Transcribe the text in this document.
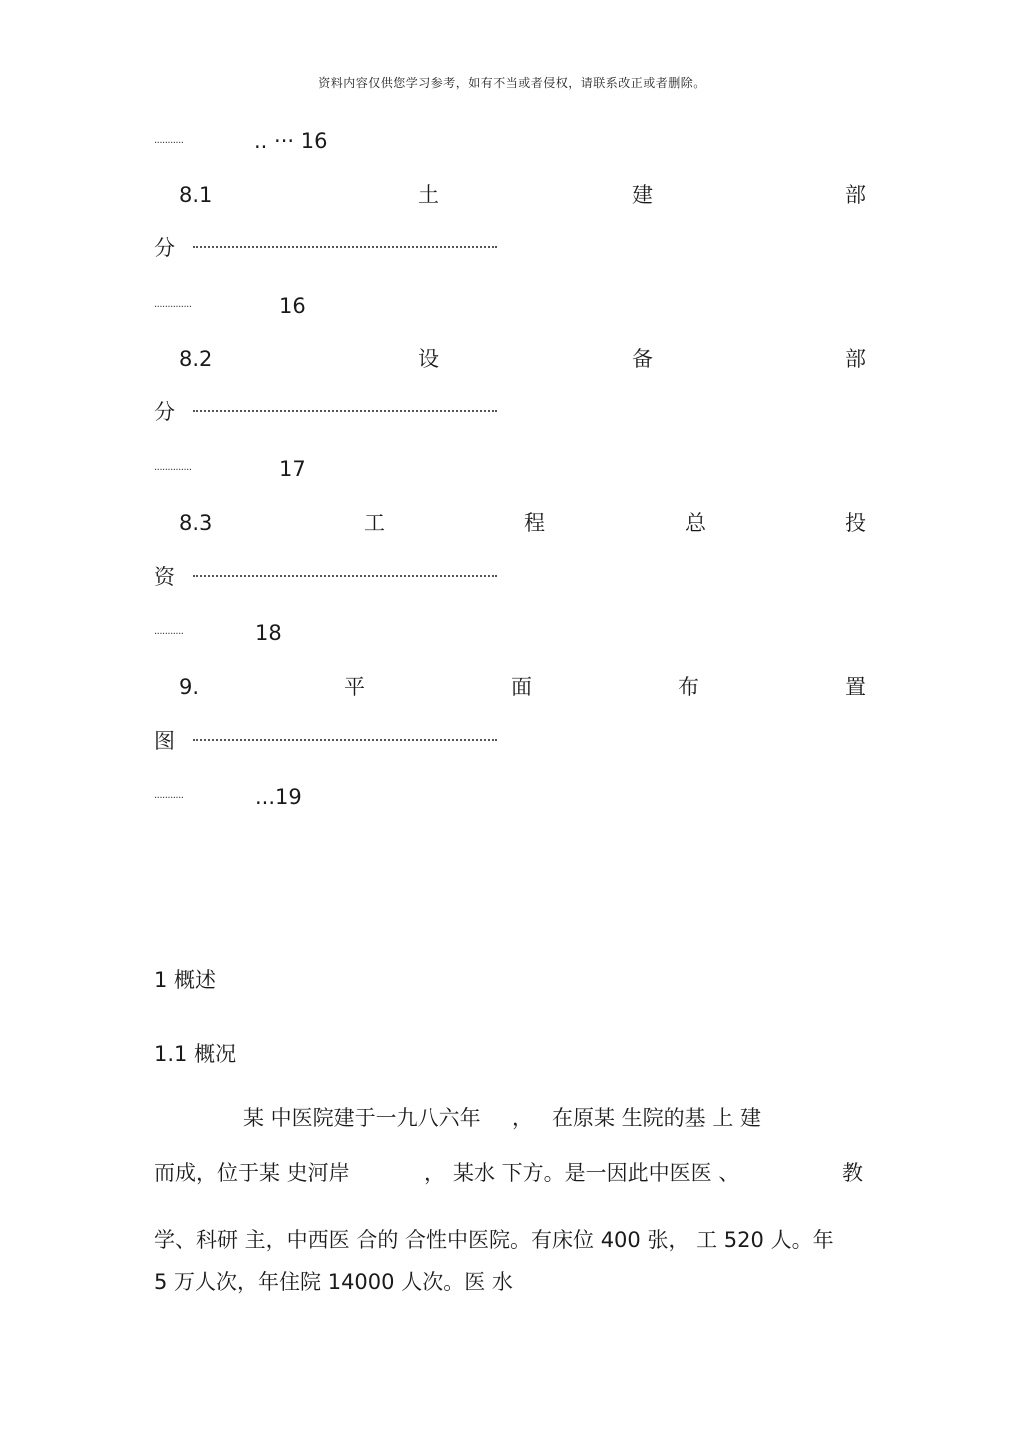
资料内容仅供您学习参考，如有不当或者侵权，请联系改正或者删除。
...........	.. ··· 16
8.1	土	建	部
分
..............	16
8.2	设	备	部
分
..............	17
8.3	工	程	总	投
资
...........	18
9.	平	面	布	置
图
...........	...19
1 概述
1.1 概况
某 中医院建于一九八六年 ， 在原某 生院的基 上 建
而成，位于某 史河岸	， 某水 下方。是一因此中医医 、	教
学、科研 主，中西医 合的 合性中医院。有床位 400 张， 工 520 人。年
5 万人次，年住院 14000 人次。医 水
